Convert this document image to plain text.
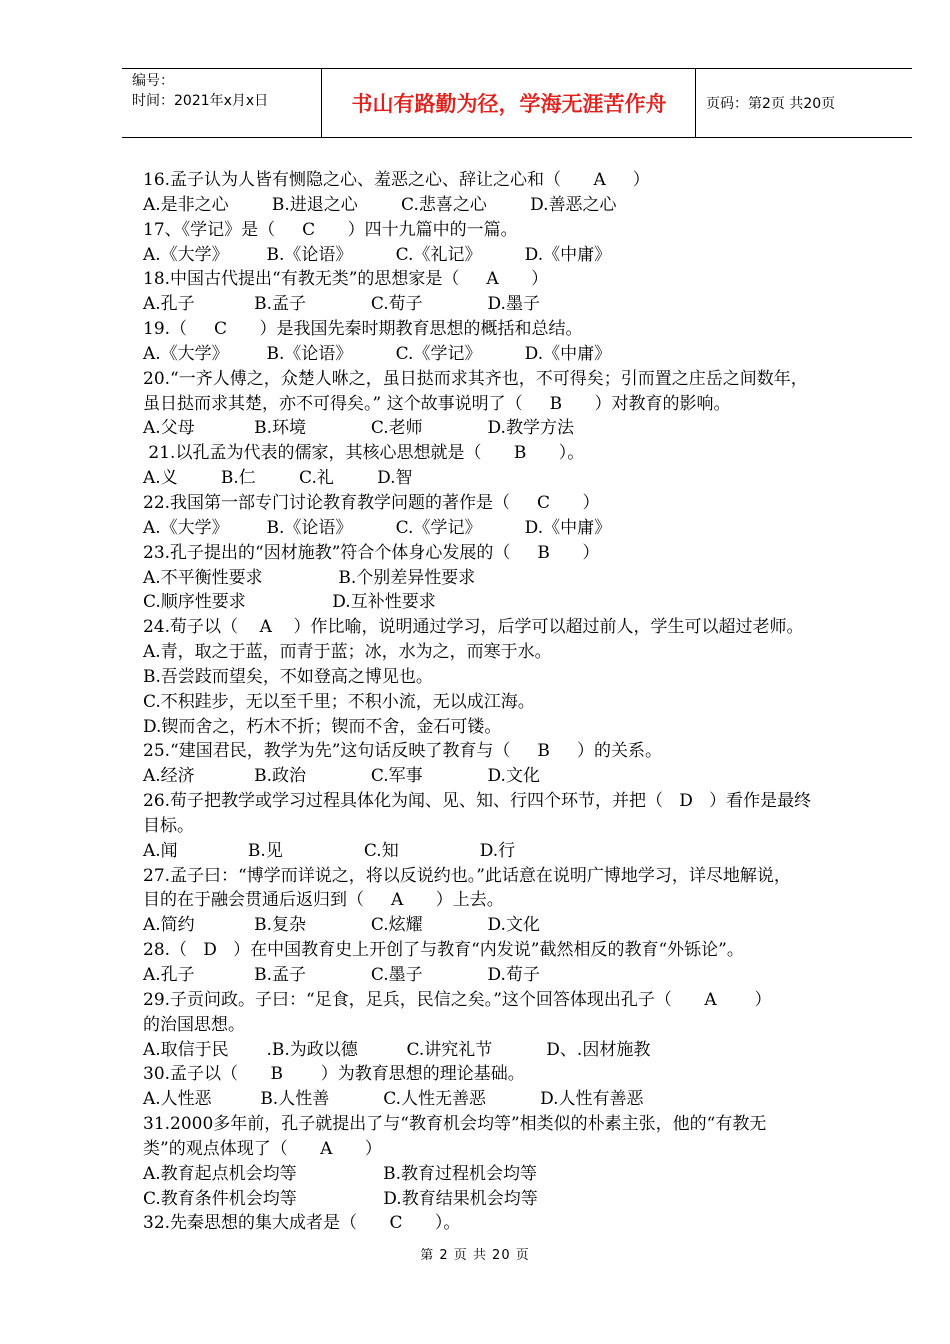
编号：
时间：2021年x月x日	书山有路勤为径，学海无涯苦作舟	页码：第2页 共20页
16.孟子认为人皆有恻隐之心、羞恶之心、辞让之心和（      A     ）
A.是非之心        B.进退之心        C.悲喜之心        D.善恶之心
17、《学记》是（     C      ）四十九篇中的一篇。
A.《大学》       B.《论语》        C.《礼记》        D.《中庸》
18.中国古代提出“有教无类”的思想家是（     A      ）
A.孔子           B.孟子            C.荀子            D.墨子
19.（     C      ）是我国先秦时期教育思想的概括和总结。
A.《大学》       B.《论语》        C.《学记》        D.《中庸》
20.“一齐人傅之，众楚人咻之，虽日挞而求其齐也，不可得矣；引而置之庄岳之间数年，
虽日挞而求其楚，亦不可得矣。” 这个故事说明了（     B      ）对教育的影响。
A.父母           B.环境            C.老师            D.教学方法
21.以孔孟为代表的儒家，其核心思想就是（      B      ）。
A.义        B.仁        C.礼        D.智
22.我国第一部专门讨论教育教学问题的著作是（     C      ）
A.《大学》       B.《论语》        C.《学记》        D.《中庸》
23.孔子提出的“因材施教”符合个体身心发展的（     B      ）
A.不平衡性要求              B.个别差异性要求
C.顺序性要求                D.互补性要求
24.荀子以（    A    ）作比喻，说明通过学习，后学可以超过前人，学生可以超过老师。
A.青，取之于蓝，而青于蓝；冰，水为之，而寒于水。
B.吾尝跂而望矣，不如登高之博见也。
C.不积跬步，无以至千里；不积小流，无以成江海。
D.锲而舍之，朽木不折；锲而不舍，金石可镂。
25.“建国君民，教学为先”这句话反映了教育与（     B     ）的关系。
A.经济           B.政治            C.军事            D.文化
26.荀子把教学或学习过程具体化为闻、见、知、行四个环节，并把（   D   ）看作是最终
目标。
A.闻             B.见               C.知               D.行
27.孟子曰：“博学而详说之，将以反说约也。”此话意在说明广博地学习，详尽地解说，
目的在于融会贯通后返归到（     A      ）上去。
A.简约           B.复杂            C.炫耀            D.文化
28.（   D   ）在中国教育史上开创了与教育“内发说”截然相反的教育“外铄论”。
A.孔子           B.孟子            C.墨子            D.荀子
29.子贡问政。子曰：“足食，足兵，民信之矣。”这个回答体现出孔子（      A       ）
的治国思想。
A.取信于民       .B.为政以德         C.讲究礼节          D、.因材施教
30.孟子以（      B       ）为教育思想的理论基础。
A.人性恶         B.人性善          C.人性无善恶          D.人性有善恶
31.2000多年前，孔子就提出了与“教育机会均等”相类似的朴素主张，他的“有教无
类”的观点体现了（      A      ）
A.教育起点机会均等                B.教育过程机会均等
C.教育条件机会均等                D.教育结果机会均等
32.先秦思想的集大成者是（      C      ）。
第 2 页 共 20 页
